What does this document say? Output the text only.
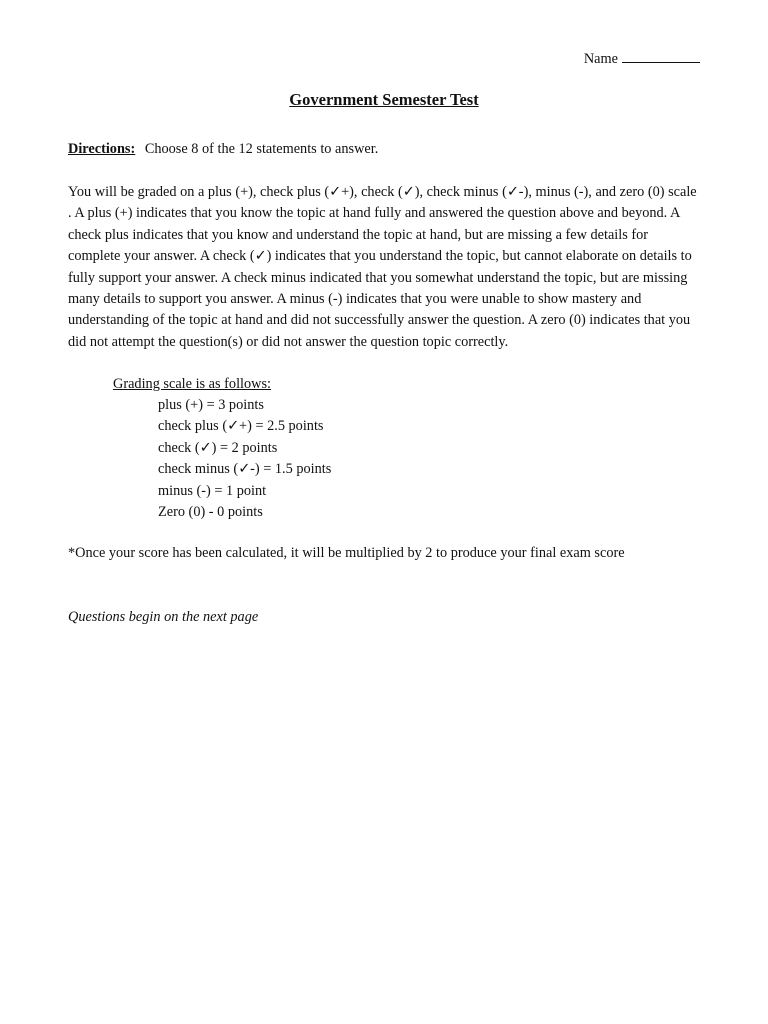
Name
Government Semester Test
Directions: Choose 8 of the 12 statements to answer.

You will be graded on a plus (+), check plus (✓+), check (✓), check minus (✓-), minus (-), and zero (0) scale . A plus (+) indicates that you know the topic at hand fully and answered the question above and beyond. A check plus indicates that you know and understand the topic at hand, but are missing a few details for complete your answer. A check (✓) indicates that you understand the topic, but cannot elaborate on details to fully support your answer. A check minus indicated that you somewhat understand the topic, but are missing many details to support you answer. A minus (-) indicates that you were unable to show mastery and understanding of the topic at hand and did not successfully answer the question. A zero (0) indicates that you did not attempt the question(s) or did not answer the question topic correctly.

Grading scale is as follows:
plus (+) = 3 points
check plus (✓+) = 2.5 points
check (✓) = 2 points
check minus (✓-) = 1.5 points
minus (-) = 1 point
Zero (0) - 0 points
*Once your score has been calculated, it will be multiplied by 2 to produce your final exam score
Questions begin on the next page
